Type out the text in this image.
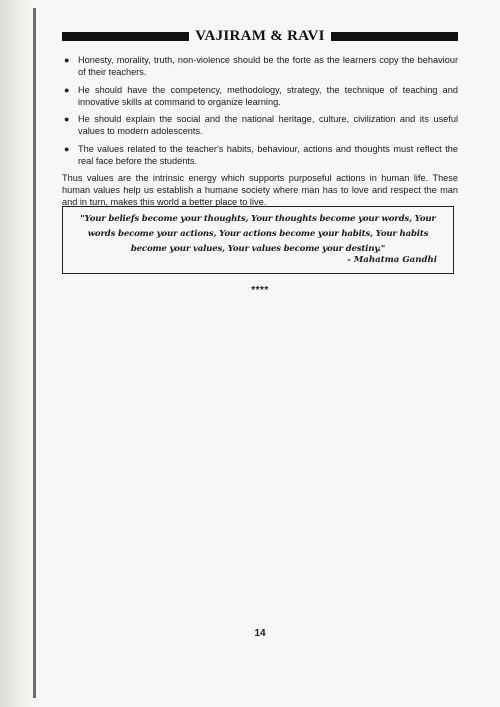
VAJIRAM & RAVI
● Honesty, morality, truth, non-violence should be the forte as the learners copy the behaviour of their teachers.
● He should have the competency, methodology, strategy, the technique of teaching and innovative skills at command to organize learning.
● He should explain the social and the national heritage, culture, civilization and its useful values to modern adolescents.
● The values related to the teacher's habits, behaviour, actions and thoughts must reflect the real face before the students.
Thus values are the intrinsic energy which supports purposeful actions in human life. These human values help us establish a humane society where man has to love and respect the man and in turn, makes this world a better place to live.
"Your beliefs become your thoughts, Your thoughts become your words, Your words become your actions, Your actions become your habits, Your habits become your values, Your values become your destiny."
- Mahatma Gandhi
****
14
